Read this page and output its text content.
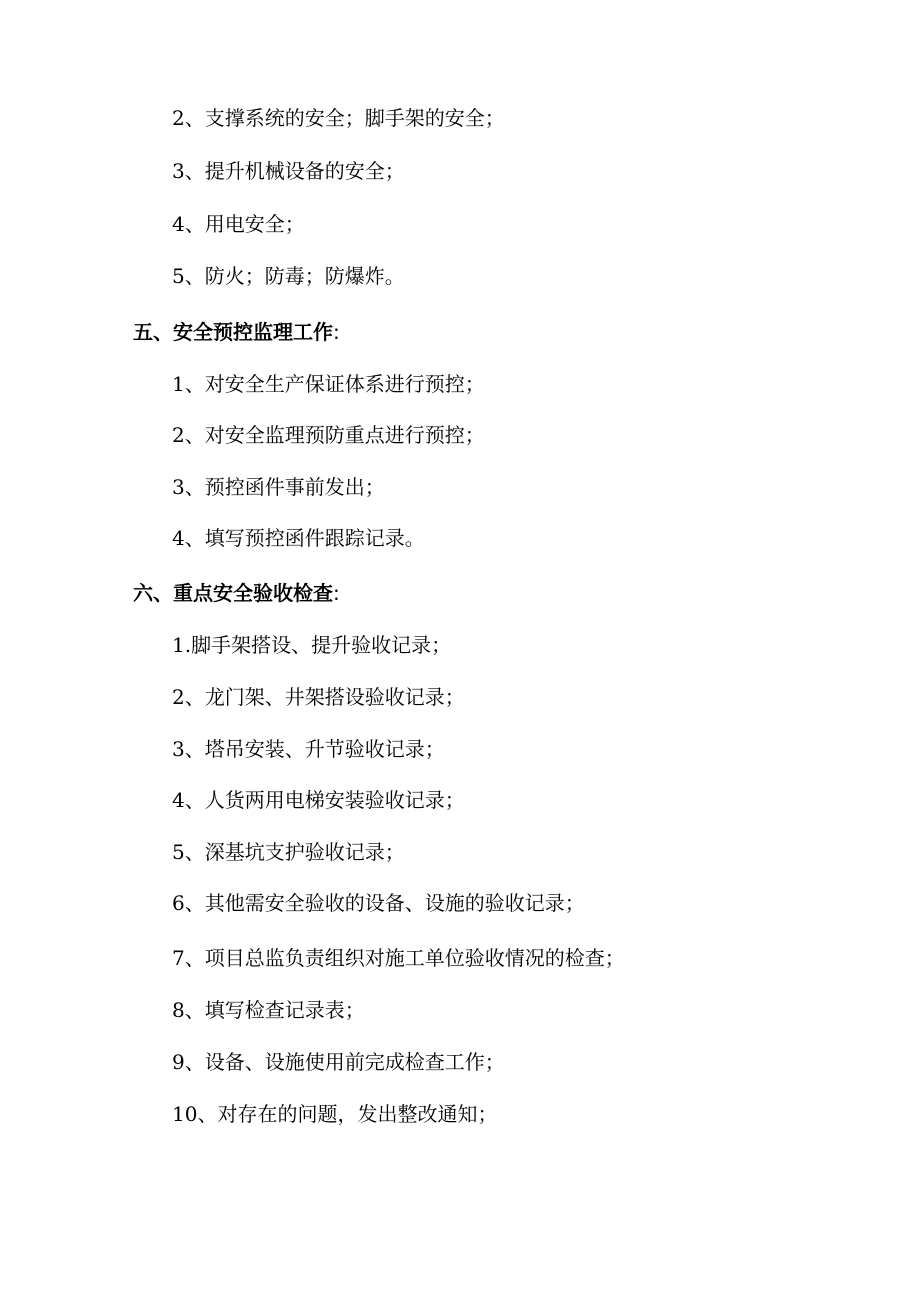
2、支撑系统的安全；脚手架的安全；
3、提升机械设备的安全；
4、用电安全；
5、防火；防毒；防爆炸。
五、安全预控监理工作:
1、对安全生产保证体系进行预控；
2、对安全监理预防重点进行预控；
3、预控函件事前发出；
4、填写预控函件跟踪记录。
六、重点安全验收检查:
1.脚手架搭设、提升验收记录；
2、龙门架、井架搭设验收记录；
3、塔吊安装、升节验收记录；
4、人货两用电梯安装验收记录；
5、深基坑支护验收记录；
6、其他需安全验收的设备、设施的验收记录；
7、项目总监负责组织对施工单位验收情况的检查；
8、填写检查记录表；
9、设备、设施使用前完成检查工作；
10、对存在的问题，发出整改通知；
